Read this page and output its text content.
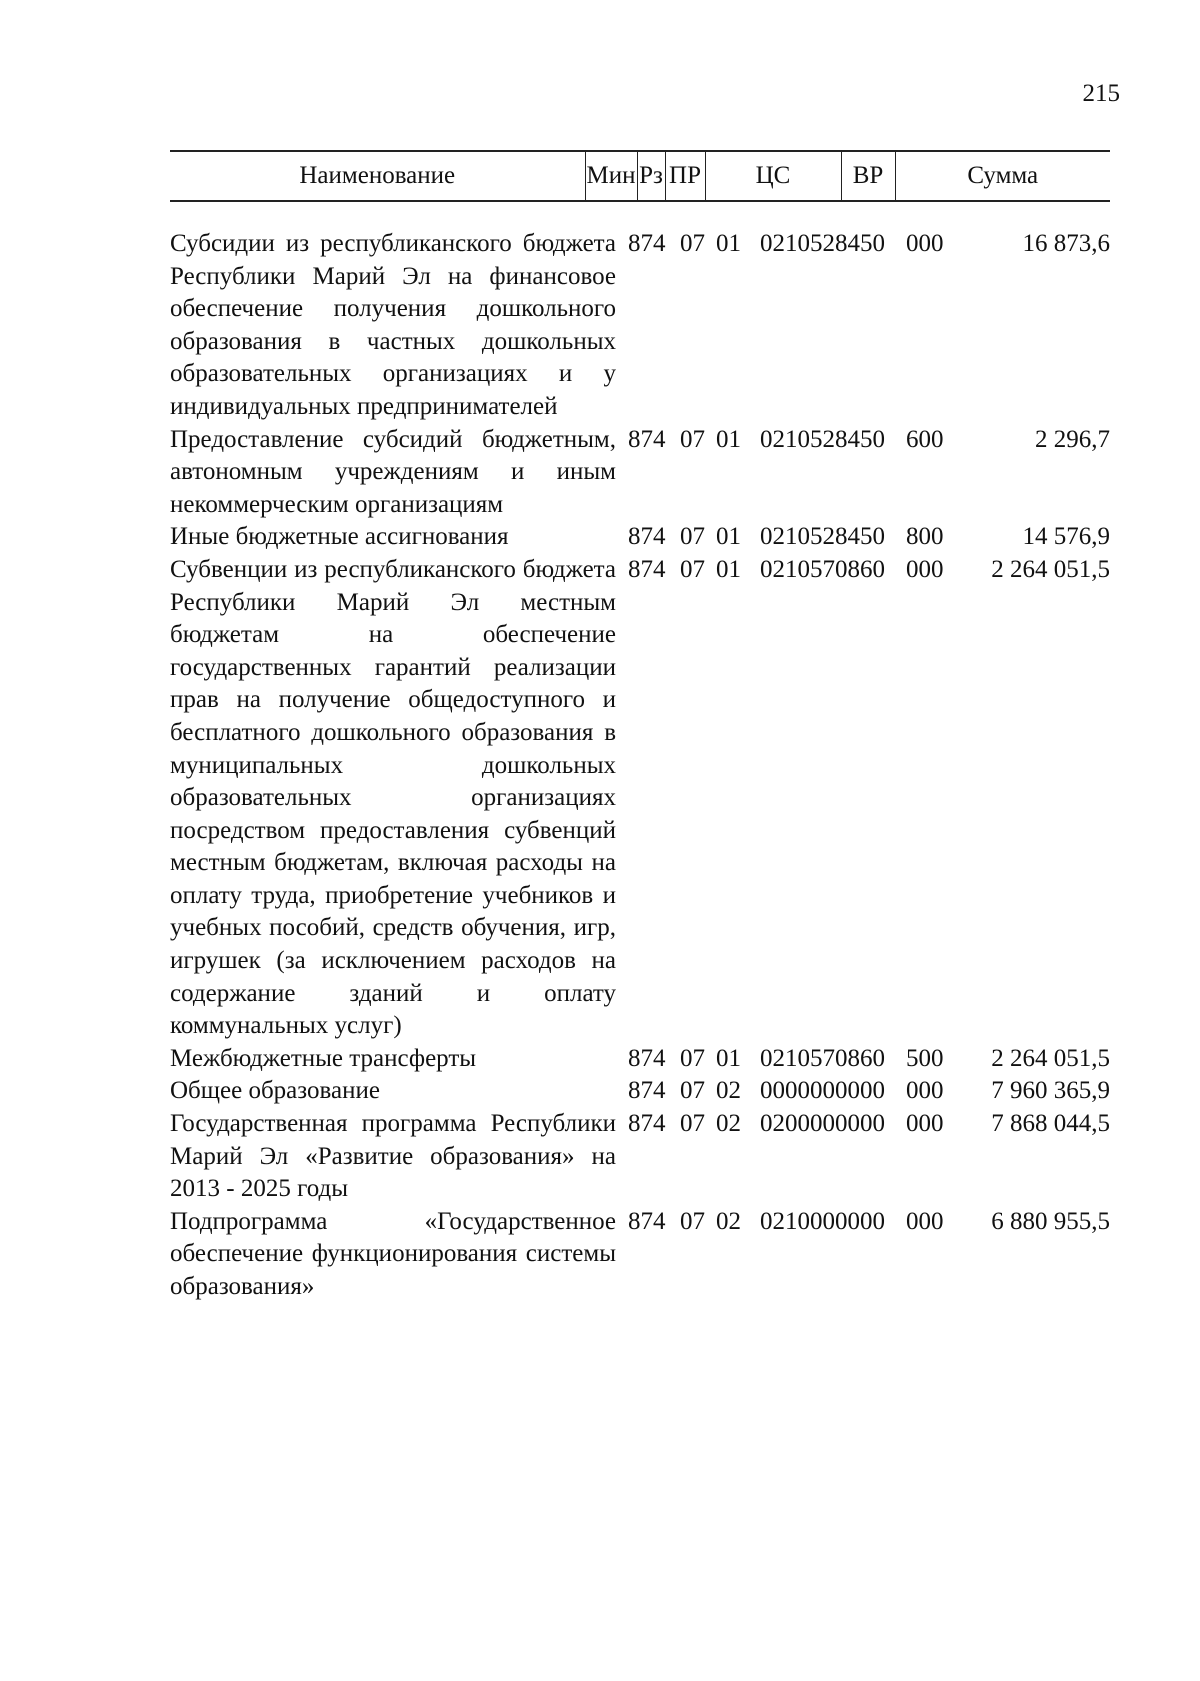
215
Наименование	Мин	Рз	ПР	ЦС	ВР	Сумма
Субсидии из республиканского бюджета Республики Марий Эл на финансовое обеспечение получения дошкольного образования в частных дошкольных образовательных организациях и у индивидуальных предпринимателей	874	07	01	0210528450	000	16 873,6
Предоставление субсидий бюджетным, автономным учреждениям и иным некоммерческим организациям	874	07	01	0210528450	600	2 296,7
Иные бюджетные ассигнования	874	07	01	0210528450	800	14 576,9
Субвенции из республиканского бюджета Республики Марий Эл местным бюджетам на обеспечение государственных гарантий реализации прав на получение общедоступного и бесплатного дошкольного образования в муниципальных дошкольных образовательных организациях посредством предоставления субвенций местным бюджетам, включая расходы на оплату труда, приобретение учебников и учебных пособий, средств обучения, игр, игрушек (за исключением расходов на содержание зданий и оплату коммунальных услуг)	874	07	01	0210570860	000	2 264 051,5
Межбюджетные трансферты	874	07	01	0210570860	500	2 264 051,5
Общее образование	874	07	02	0000000000	000	7 960 365,9
Государственная программа Республики Марий Эл «Развитие образования» на 2013 - 2025 годы	874	07	02	0200000000	000	7 868 044,5
Подпрограмма «Государственное обеспечение функционирования системы образования»	874	07	02	0210000000	000	6 880 955,5
